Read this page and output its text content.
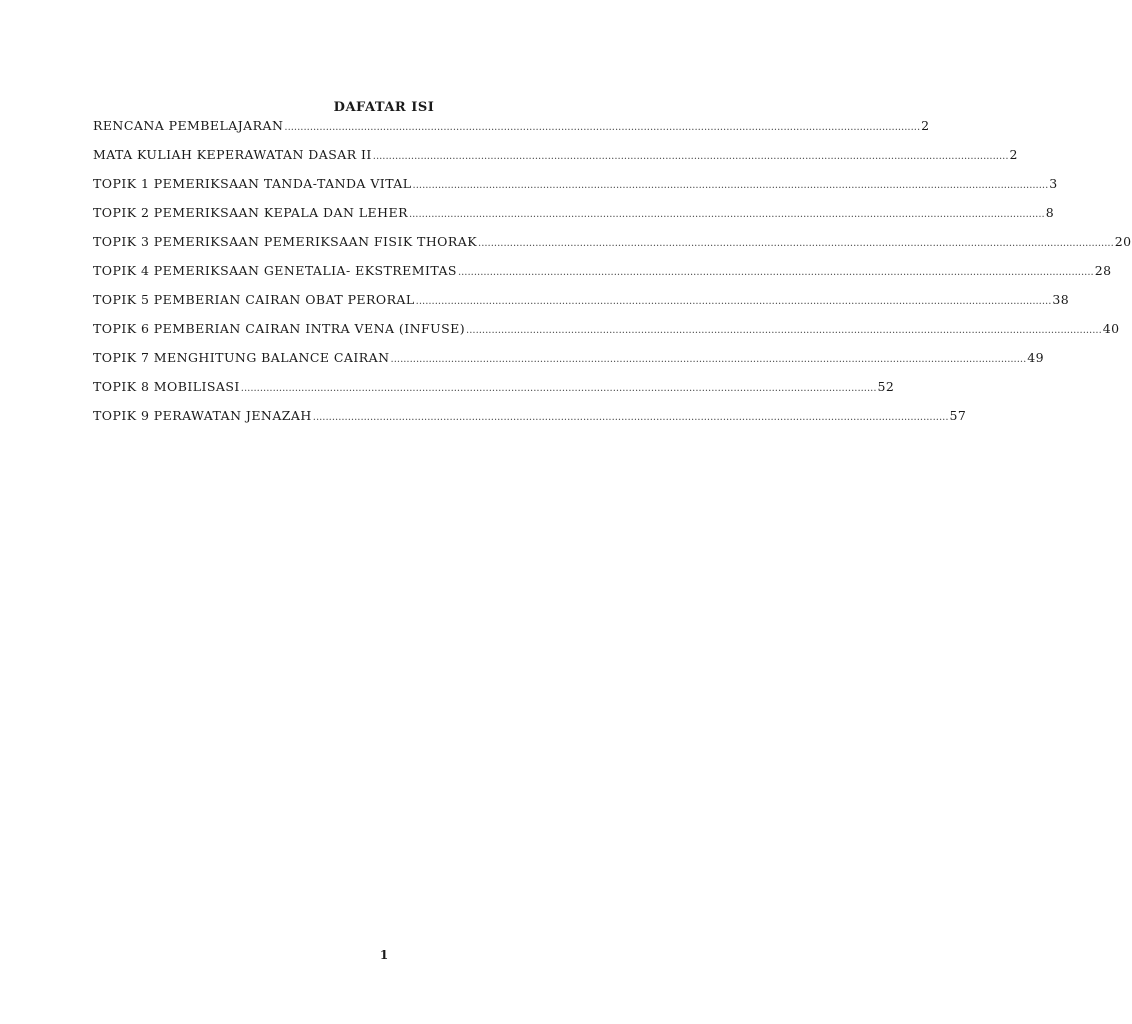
DAFATAR ISI
RENCANA PEMBELAJARAN ........................................................................................................................................................................................................ 2
MATA KULIAH KEPERAWATAN DASAR II ........................................................................................................................................................................................................ 2
TOPIK 1 PEMERIKSAAN TANDA-TANDA VITAL ........................................................................................................................................................................................................ 3
TOPIK 2 PEMERIKSAAN KEPALA DAN LEHER ........................................................................................................................................................................................................ 8
TOPIK 3 PEMERIKSAAN PEMERIKSAAN FISIK THORAK ........................................................................................................................................................................................................ 20
TOPIK 4 PEMERIKSAAN GENETALIA- EKSTREMITAS ........................................................................................................................................................................................................ 28
TOPIK 5 PEMBERIAN CAIRAN OBAT PERORAL ........................................................................................................................................................................................................ 38
TOPIK 6 PEMBERIAN CAIRAN INTRA VENA (INFUSE) ........................................................................................................................................................................................................ 40
TOPIK 7 MENGHITUNG BALANCE CAIRAN ........................................................................................................................................................................................................ 49
TOPIK 8 MOBILISASI ........................................................................................................................................................................................................ 52
TOPIK 9 PERAWATAN JENAZAH ........................................................................................................................................................................................................ 57
1
